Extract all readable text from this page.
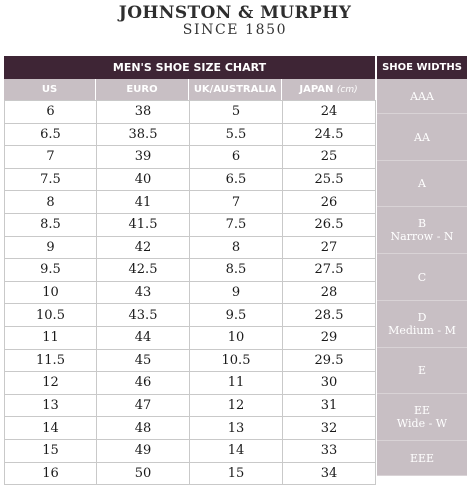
JOHNSTON & MURPHY
SINCE 1850
MEN'S SHOE SIZE CHART	SHOE WIDTHS
US	EURO	UK/AUSTRALIA	JAPAN (cm)
6	38	5	24
6.5	38.5	5.5	24.5
7	39	6	25
7.5	40	6.5	25.5
8	41	7	26
8.5	41.5	7.5	26.5
9	42	8	27
9.5	42.5	8.5	27.5
10	43	9	28
10.5	43.5	9.5	28.5
11	44	10	29
11.5	45	10.5	29.5
12	46	11	30
13	47	12	31
14	48	13	32
15	49	14	33
16	50	15	34
AAA
AA
A
B
Narrow - N
C
D
Medium - M
E
EE
Wide - W
EEE
